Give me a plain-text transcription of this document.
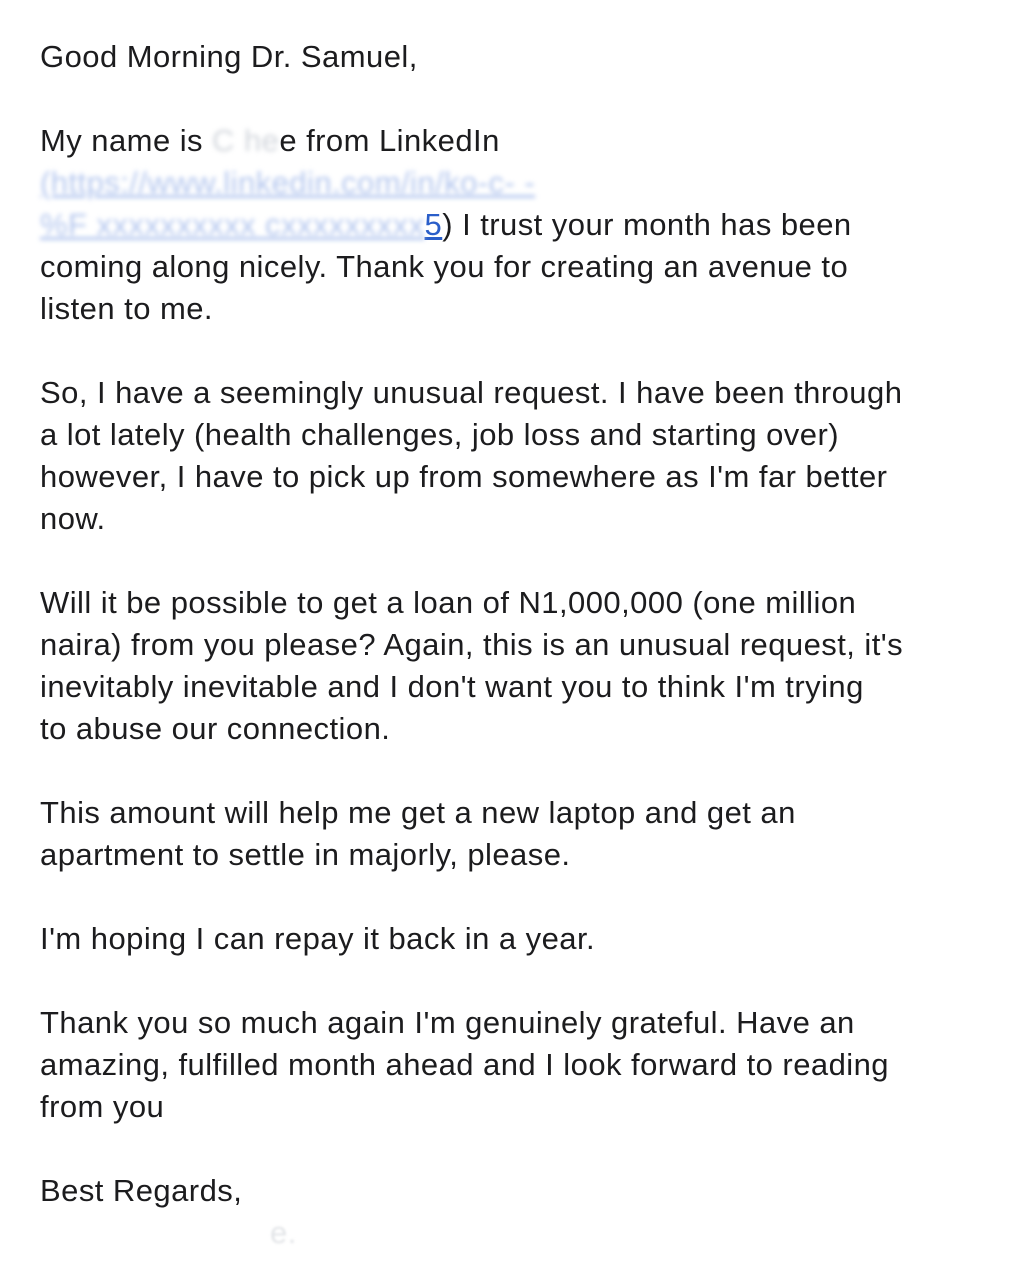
Good Morning Dr. Samuel,
My name is C hee from LinkedIn
(https://www.linkedin.com/in/ko-c- -
%F xxxxxxxxxx cxxxxxxxxx5) I trust your month has been
coming along nicely. Thank you for creating an avenue to
listen to me.
So, I have a seemingly unusual request. I have been through
a lot lately (health challenges, job loss and starting over)
however, I have to pick up from somewhere as I'm far better
now.
Will it be possible to get a loan of N1,000,000 (one million
naira) from you please? Again, this is an unusual request, it's
inevitably inevitable and I don't want you to think I'm trying
to abuse our connection.
This amount will help me get a new laptop and get an
apartment to settle in majorly, please.
I'm hoping I can repay it back in a year.
Thank you so much again I'm genuinely grateful. Have an
amazing, fulfilled month ahead and I look forward to reading
from you
Best Regards,
e.
